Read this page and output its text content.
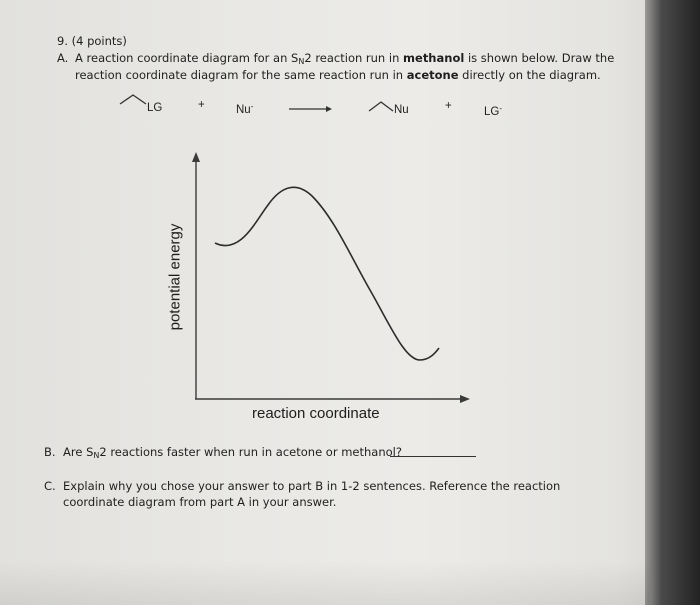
9. (4 points)
A. A reaction coordinate diagram for an $S_N2$ reaction run in methanol is shown below. Draw the
reaction coordinate diagram for the same reaction run in acetone directly on the diagram.
LG	+	Nu-	Nu	+	LG-
reaction coordinate
potential energy
B. Are $S_N2$ reactions faster when run in acetone or methanol?
C. Explain why you chose your answer to part B in 1-2 sentences. Reference the reaction
coordinate diagram from part A in your answer.
